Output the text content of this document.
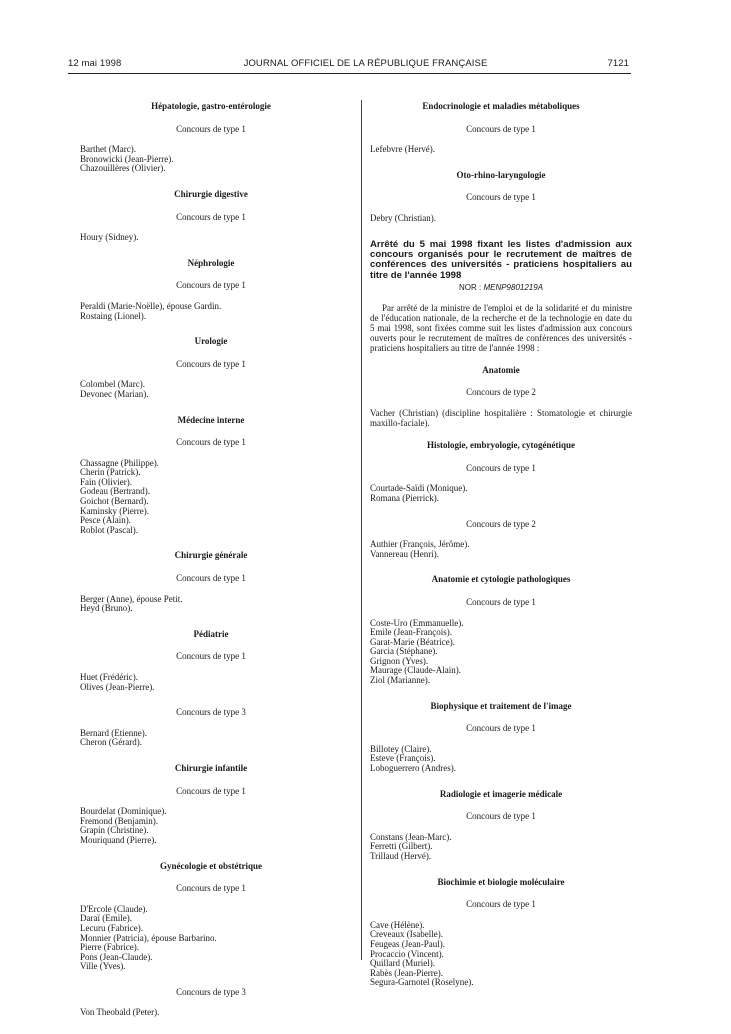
12 mai 1998	JOURNAL OFFICIEL DE LA RÉPUBLIQUE FRANÇAISE	7121
Hépatologie, gastro-entérologie
Concours de type 1
Barthet (Marc).
Bronowicki (Jean-Pierre).
Chazouillères (Olivier).
Chirurgie digestive
Concours de type 1
Houry (Sidney).
Néphrologie
Concours de type 1
Peraldi (Marie-Noëlle), épouse Gardin.
Rostaing (Lionel).
Urologie
Concours de type 1
Colombel (Marc).
Devonec (Marian).
Médecine interne
Concours de type 1
Chassagne (Philippe).
Cherin (Patrick).
Fain (Olivier).
Godeau (Bertrand).
Goichot (Bernard).
Kaminsky (Pierre).
Pesce (Alain).
Roblot (Pascal).
Chirurgie générale
Concours de type 1
Berger (Anne), épouse Petit.
Heyd (Bruno).
Pédiatrie
Concours de type 1
Huet (Frédéric).
Olives (Jean-Pierre).
Concours de type 3
Bernard (Etienne).
Cheron (Gérard).
Chirurgie infantile
Concours de type 1
Bourdelat (Dominique).
Fremond (Benjamin).
Grapin (Christine).
Mouriquand (Pierre).
Gynécologie et obstétrique
Concours de type 1
D'Ercole (Claude).
Daraï (Emile).
Lecuru (Fabrice).
Monnier (Patricia), épouse Barbarino.
Pierre (Fabrice).
Pons (Jean-Claude).
Ville (Yves).
Concours de type 3
Von Theobald (Peter).
Endocrinologie et maladies métaboliques
Concours de type 1
Lefebvre (Hervé).
Oto-rhino-laryngologie
Concours de type 1
Debry (Christian).
Arrêté du 5 mai 1998 fixant les listes d'admission aux concours organisés pour le recrutement de maîtres de conférences des universités - praticiens hospitaliers au titre de l'année 1998
NOR : MENP9801219A
Par arrêté de la ministre de l'emploi et de la solidarité et du ministre de l'éducation nationale, de la recherche et de la technologie en date du 5 mai 1998, sont fixées comme suit les listes d'admission aux concours ouverts pour le recrutement de maîtres de conférences des universités - praticiens hospitaliers au titre de l'année 1998 :
Anatomie
Concours de type 2
Vacher (Christian) (discipline hospitalière : Stomatologie et chirurgie maxillo-faciale).
Histologie, embryologie, cytogénétique
Concours de type 1
Courtade-Saïdi (Monique).
Romana (Pierrick).
Concours de type 2
Authier (François, Jérôme).
Vannereau (Henri).
Anatomie et cytologie pathologiques
Concours de type 1
Coste-Uro (Emmanuelle).
Emile (Jean-François).
Garat-Marie (Béatrice).
Garcia (Stéphane).
Grignon (Yves).
Maurage (Claude-Alain).
Ziol (Marianne).
Biophysique et traitement de l'image
Concours de type 1
Billotey (Claire).
Esteve (François).
Loboguerrero (Andres).
Radiologie et imagerie médicale
Concours de type 1
Constans (Jean-Marc).
Ferretti (Gilbert).
Trillaud (Hervé).
Biochimie et biologie moléculaire
Concours de type 1
Cave (Hélène).
Creveaux (Isabelle).
Feugeas (Jean-Paul).
Procaccio (Vincent).
Quillard (Muriel).
Rabès (Jean-Pierre).
Segura-Garnotel (Roselyne).
